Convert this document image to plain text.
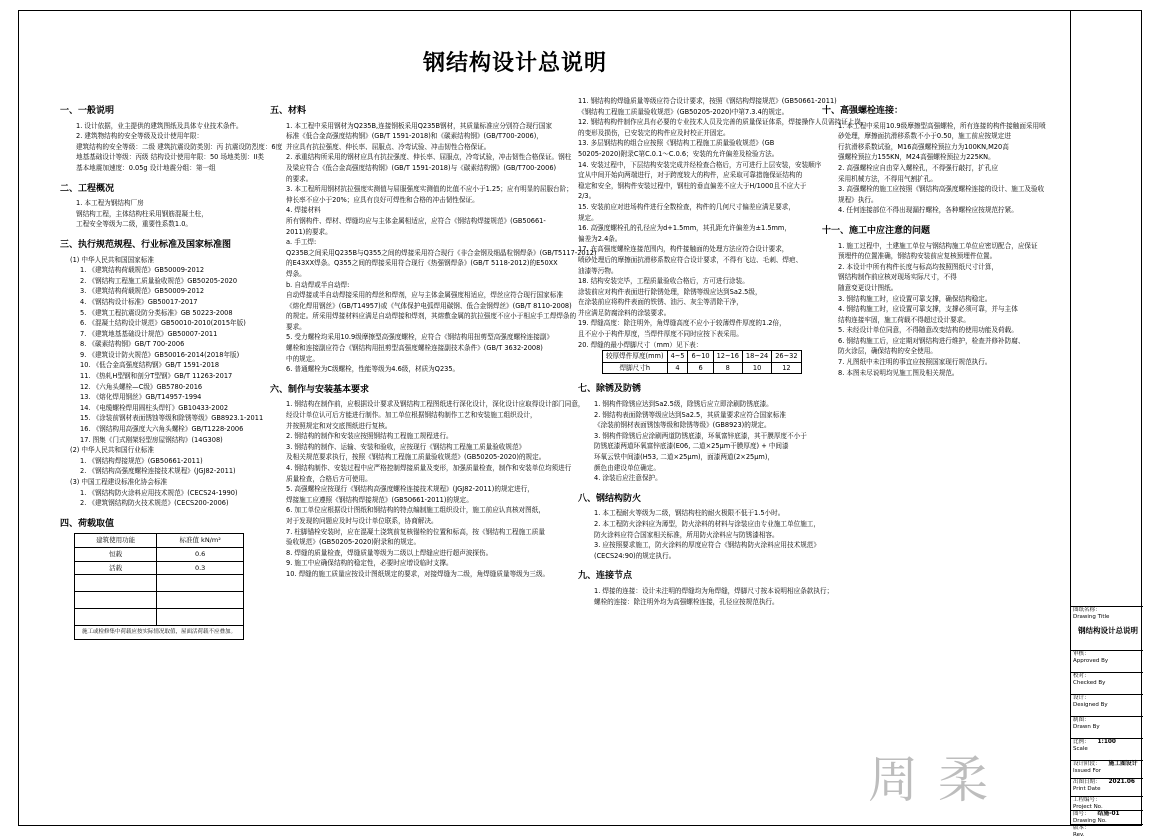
钢结构设计总说明
一、一般说明
1. 设计依据，业主提供的建筑图纸及具体专业技术条件。
2. 建筑物结构的安全等级及设计使用年限：
建筑结构的安全等级：二级 建筑抗震设防类别：丙 抗震设防烈度：6度
地基基础设计等级：丙级 结构设计使用年限：50 场地类别：II类
基本地震加速度：0.05g 设计地震分组：第一组
二、工程概况
1. 本工程为钢结构厂房
钢结构工程，主体结构柱采用钢筋混凝土柱，
工程安全等级为二级，重要性系数1.0。
三、执行规范规程、行业标准及国家标准图
(1) 中华人民共和国国家标准
1. 《建筑结构荷载规范》GB50009-2012
2. 《钢结构工程施工质量验收规范》GB50205-2020
3. 《建筑结构荷载规范》GB50009-2012
4. 《钢结构设计标准》GB50017-2017
5. 《建筑工程抗震设防分类标准》GB 50223-2008
6. 《混凝土结构设计规范》GB50010-2010(2015年版)
7. 《建筑地基基础设计规范》GB50007-2011
8. 《碳素结构钢》GB/T 700-2006
9. 《建筑设计防火规范》GB50016-2014(2018年版)
10. 《低合金高强度结构钢》GB/T 1591-2018
11. 《热轧H型钢和剖分T型钢》GB/T 11263-2017
12. 《六角头螺栓—C级》GB5780-2016
13. 《熔化焊用钢丝》GB/T14957-1994
14. 《电缆螺栓焊用圆柱头焊钉》GB10433-2002
15. 《涂装前钢材表面锈蚀等级和除锈等级》GB8923.1-2011
16. 《钢结构用高强度大六角头螺栓》GB/T1228-2006
17. 图集《门式刚架轻型房屋钢结构》(14G308)
(2) 中华人民共和国行业标准
1. 《钢结构焊接规范》(GB50661-2011)
2. 《钢结构高强度螺栓连接技术规程》(JGJ82-2011)
(3) 中国工程建设标准化协会标准
1. 《钢结构防火涂料应用技术规范》(CECS24-1990)
2. 《建筑钢结构防火技术规范》(CECS200-2006)
四、荷载取值
建筑使用功能	标准值 kN/m²
恒载	0.6
活载	0.3

施工或检修集中荷载应按实际情况取值，屋面活荷载不应叠加。	
五、材料
1. 本工程中采用钢材为Q235B,连接钢板采用Q235B钢材，其质量标准应分别符合现行国家
标准《低合金高强度结构钢》(GB/T 1591-2018)和《碳素结构钢》(GB/T700-2006)，
并应具有抗拉强度、伸长率、屈服点、冷弯试验、冲击韧性合格保证。
2. 承重结构所采用的钢材应具有抗拉强度、伸长率、屈服点，冷弯试验，冲击韧性合格保证。钢柱
及梁应符合《低合金高强度结构钢》(GB/T 1591-2018)与《碳素结构钢》(GB/T700-2006)
的要求。
3. 本工程所用钢材抗拉强度实测值与屈服强度实测值的比值不应小于1.25；应有明显的屈服台阶；
伸长率不应小于20%；应具有良好可焊性和合格的冲击韧性保证。
4. 焊接材料
所有钢构件、焊材、焊缝均应与主体金属相适应，应符合《钢结构焊接规范》(GB50661-
2011)的要求。
a. 手工焊:
Q235B之间采用Q235B与Q355之间的焊接采用符合现行《非合金钢及细晶粒钢焊条》(GB/T5117-2012)
的E43XX焊条。Q355之间的焊接采用符合现行《热强钢焊条》(GB/T 5118-2012)的E50XX
焊条。
b. 自动焊或半自动焊:
自动焊接或半自动焊接采用的焊丝和焊剂，应与主体金属强度相适应，焊丝应符合现行国家标准
《熔化焊用钢丝》(GB/T14957)或《气体保护电弧焊用碳钢、低合金钢焊丝》(GB/T 8110-2008)
的规定。所采用焊接材料应满足自动焊接和焊剂，其熔敷金属的抗拉强度不应小于相应手工焊焊条的
要求。
5. 受力螺栓均采用10.9级摩擦型高强度螺栓，应符合《钢结构用扭剪型高强度螺栓连接副》
螺栓和连接副应符合《钢结构用扭剪型高强度螺栓连接副技术条件》(GB/T 3632-2008)
中的规定。
6. 普通螺栓为C级螺栓，性能等级为4.6级，材质为Q235。
六、制作与安装基本要求
1. 钢结构在制作前，应根据设计要求及钢结构工程图纸进行深化设计，深化设计应取得设计部门同意，
经设计单位认可后方能进行制作。加工单位根据钢结构制作工艺和安装施工组织设计，
并按照规定和对交底图纸进行复核。
2. 钢结构的制作和安装应按照钢结构工程施工规程进行。
3. 钢结构的制作、运输、安装和验收，应按现行《钢结构工程施工质量验收规范》
及相关规范要求执行，按照《钢结构工程施工质量验收规范》(GB50205-2020)的规定。
4. 钢结构制作、安装过程中应严格控制焊接质量及变形，加强质量检查，制作和安装单位均须进行
质量检查，合格后方可使用。
5. 高强螺栓应按现行《钢结构高强度螺栓连接技术规程》(JGJ82-2011)的规定进行，
焊接施工应遵照《钢结构焊接规范》(GB50661-2011)的规定。
6. 加工单位应根据设计图纸和钢结构的特点编制施工组织设计，施工前应认真核对图纸，
对于发现的问题应及时与设计单位联系，协商解决。
7. 柱脚锚栓安装时，应在混凝土浇筑前复核锚栓的位置和标高，按《钢结构工程施工质量
验收规范》(GB50205-2020)附录和的规定。
8. 焊缝的质量检查，焊缝质量等级为二级以上焊缝应进行超声波探伤。
9. 施工中应确保结构的稳定性，必要时应增设临时支撑。
10. 焊缝的施工质量应按设计图纸规定的要求，对接焊缝为二级，角焊缝质量等级为三级。
11. 钢结构的焊缝质量等级应符合设计要求，按照《钢结构焊接规范》(GB50661-2011)
《钢结构工程施工质量验收规范》(GB50205-2020)中第7.3.4的规定。
12. 钢结构构件制作应具有必要的专业技术人员及完善的质量保证体系，焊接操作人员需持证上岗。
的变形及损伤，已安装完的构件应及时校正并固定。
13. 多层钢结构的组合应按照《钢结构工程施工质量验收规范》(GB
50205-2020)附录C第C.0.1～C.0.6；安装的允许偏差及检验方法。
14. 安装过程中，下层结构安装完成并经检查合格后，方可进行上层安装，安装顺序
宜从中间开始向两端进行，对于跨度较大的构件，应采取可靠措施保证结构的
稳定和安全，钢构件安装过程中，钢柱的垂直偏差不应大于H/1000且不应大于
2/3。
15. 安装前应对进场构件进行全数检查，构件的几何尺寸偏差应满足要求，
规定。
16. 高强度螺栓孔的孔径应为d+1.5mm，其孔距允许偏差为±1.5mm，
偏差为2.4条。
17. 在高强度螺栓连接范围内，构件接触面的处理方法应符合设计要求，
喷砂处理后的摩擦面抗滑移系数应符合设计要求，不得有飞边、毛刺、焊疤、
油漆等污物。
18. 结构安装完毕，工程质量验收合格后，方可进行涂装。
涂装前应对构件表面进行除锈处理，除锈等级应达到Sa2.5级，
在涂装前应将构件表面的铁锈、油污、灰尘等清除干净，
并应满足防腐涂料的涂装要求。
19. 焊缝高度：除注明外，角焊缝高度不应小于较薄焊件厚度的1.2倍，
且不应小于构件厚度，当焊件厚度不同时应按下表采用。
20. 焊缝的最小焊脚尺寸（mm）见下表：
较厚焊件厚度(mm)	4~5	6~10	12~16	18~24	26~32
焊脚尺寸h	4	6	8	10	12
七、除锈及防锈
1. 钢构件除锈应达到Sa2.5级，除锈后应立即涂刷防锈底漆。
2. 钢结构表面除锈等级应达到Sa2.5，其质量要求应符合国家标准
《涂装前钢材表面锈蚀等级和除锈等级》(GB8923)的规定。
3. 钢构件除锈后应涂刷两道防锈底漆，环氧富锌底漆，其干膜厚度不小于
防锈底漆两道环氧富锌底漆(E06, 二道×25μm干膜厚度) + 中间漆
环氧云铁中间漆(H53, 二道×25μm)，面漆两道(2×25μm)，
颜色由建设单位确定。
4. 涂装后应注意保护。
八、钢结构防火
1. 本工程耐火等级为二级，钢结构柱的耐火极限不低于1.5小时。
2. 本工程防火涂料应为薄型，防火涂料的材料与涂装应由专业施工单位施工，
防火涂料应符合国家相关标准，所用防火涂料应与防锈漆相容。
3. 应按照要求施工，防火涂料的厚度应符合《钢结构防火涂料应用技术规范》
(CECS24:90)的规定执行。
九、连接节点
1. 焊接的连接：设计未注明的焊缝均为角焊缝，焊脚尺寸按本说明相应条款执行；
螺栓的连接：除注明外均为高强螺栓连接，孔径应按规范执行。
十、高强螺栓连接：
1. 本工程中采用10.9级摩擦型高强螺栓，所有连接的构件接触面采用喷
砂处理，摩擦面抗滑移系数不小于0.50，施工前应按规定进
行抗滑移系数试验，M16高强螺栓预拉力为100KN,M20高
强螺栓预拉力155KN，M24高强螺栓预拉力225KN。
2. 高强螺栓应自由穿入螺栓孔，不得强行敲打，扩孔应
采用机械方法，不得用气割扩孔。
3. 高强螺栓的施工应按照《钢结构高强度螺栓连接的设计、施工及验收
规程》执行。
4. 任何连接部位不得出现漏拧螺栓，各种螺栓应按规范拧紧。
十一、施工中应注意的问题
1. 施工过程中，土建施工单位与钢结构施工单位应密切配合，应保证
预埋件的位置准确，钢结构安装前应复核预埋件位置。
2. 本设计中所有构件长度与标高均按照图纸尺寸计算，
钢结构制作前应核对现场实际尺寸，不得
随意变更设计图纸。
3. 钢结构施工时，应设置可靠支撑，确保结构稳定。
4. 钢结构施工时，应设置可靠支撑，支撑必须可靠，并与主体
结构连接牢固，施工荷载不得超过设计要求。
5. 未经设计单位同意，不得随意改变结构的使用功能及荷载。
6. 钢结构施工后，应定期对钢结构进行维护，检查并修补防腐、
防火涂层，确保结构的安全使用。
7. 凡图纸中未注明的事宜应按照国家现行规范执行。
8. 本图未尽说明均见施工图及相关规范。
图纸名称：
Drawing Title
钢结构设计总说明
审核：
Approved By
校对：
Checked By
设计：
Designed By
制图：
Drawn By
比例： 1:100
Scale
设计阶段： 施工图设计
Issued For
出图日期： 2021.06
Print Date
工程编号：
Project No.
图号： 结施-01
Drawing No.
版本：
Rev.
周柔
